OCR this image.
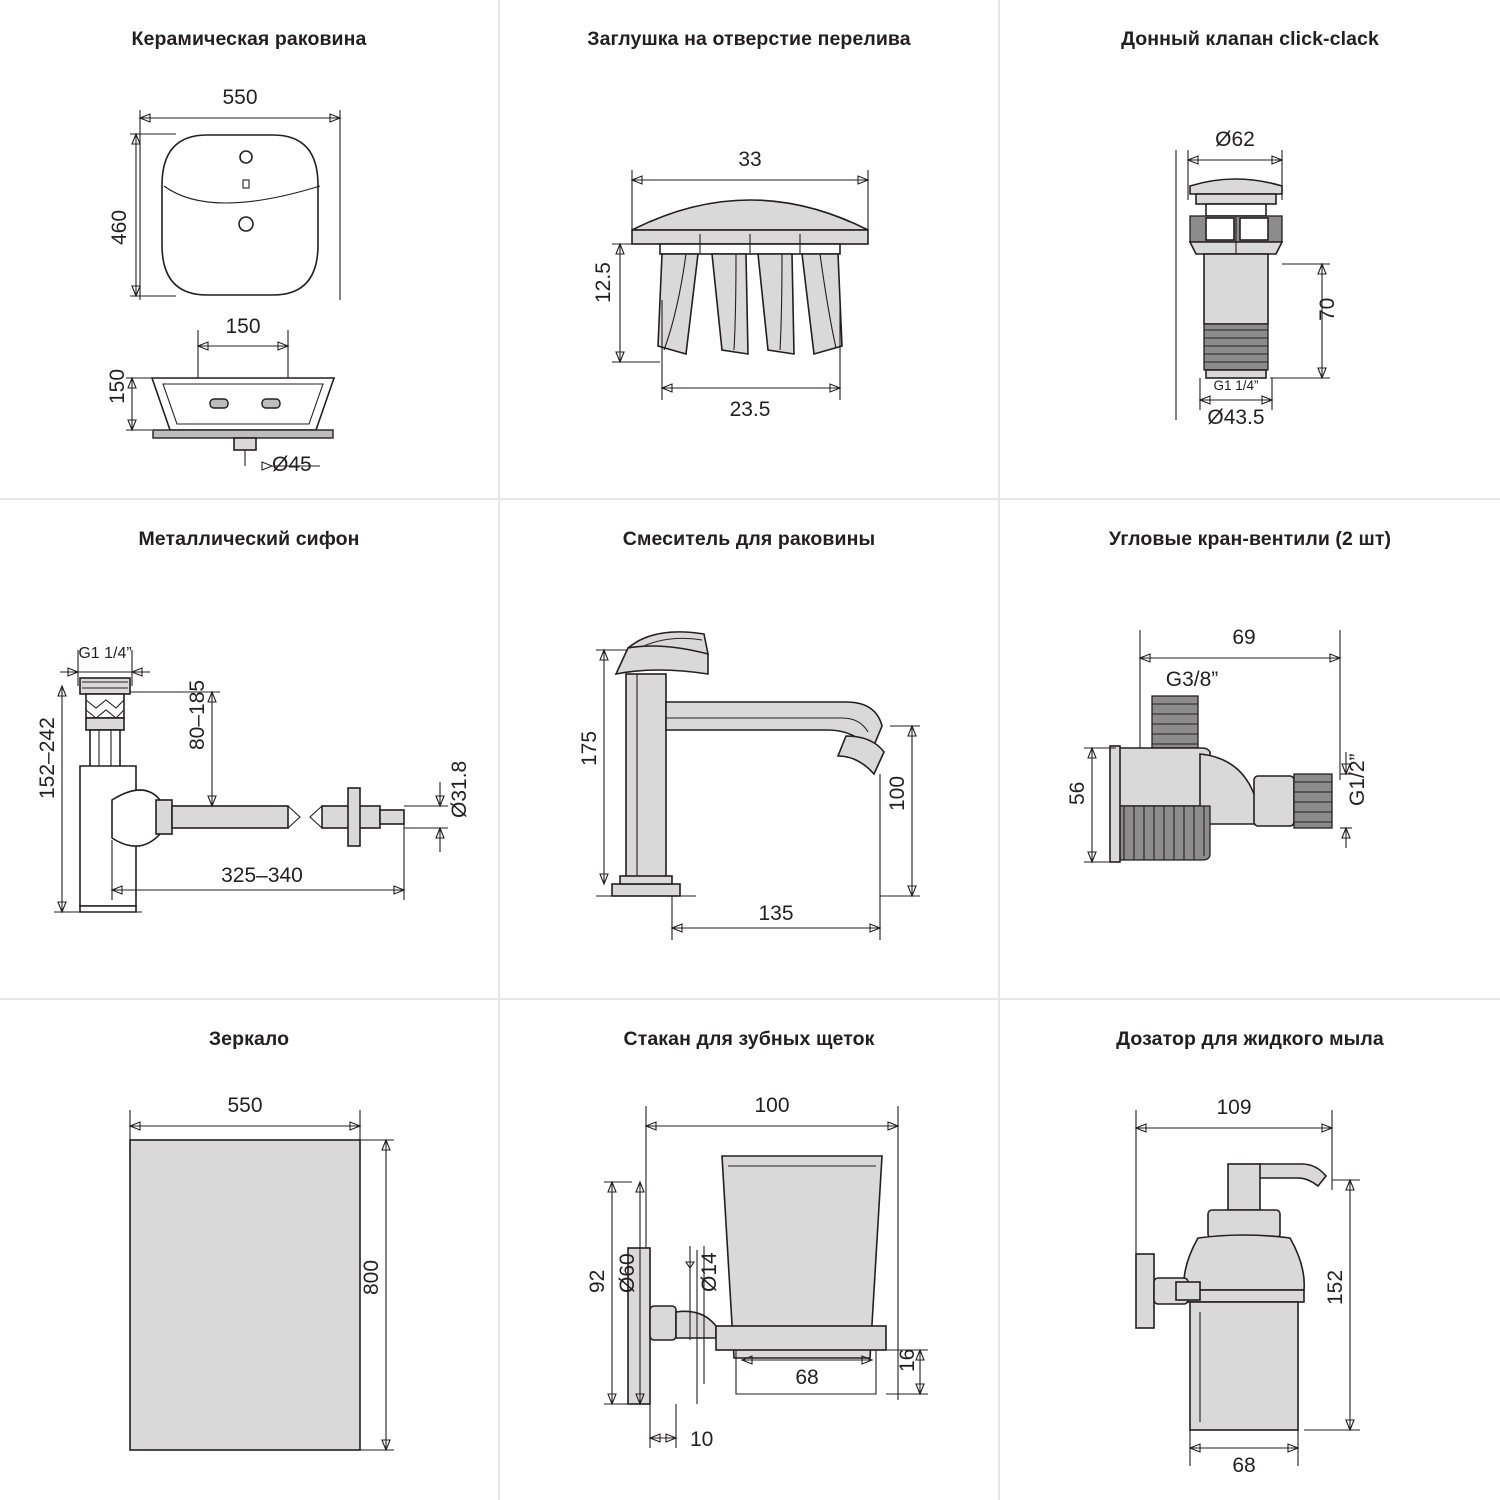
Керамическая раковина
550
460
150
150
Ø45
Заглушка на отверстие перелива
33
12.5
23.5
Донный клапан click-clack
Ø62
70
G1 1/4”
Ø43.5
Металлический сифон
G1 1/4”
152–242
80–185
325–340
Ø31.8
Смеситель для раковины
175
100
135
Угловые кран-вентили (2 шт)
69
G3/8”
56	G1/2”
Зеркало
550
800
Стакан для зубных щеток
100
92 Ø60	Ø14
68
16
10
Дозатор для жидкого мыла
109
152
68
